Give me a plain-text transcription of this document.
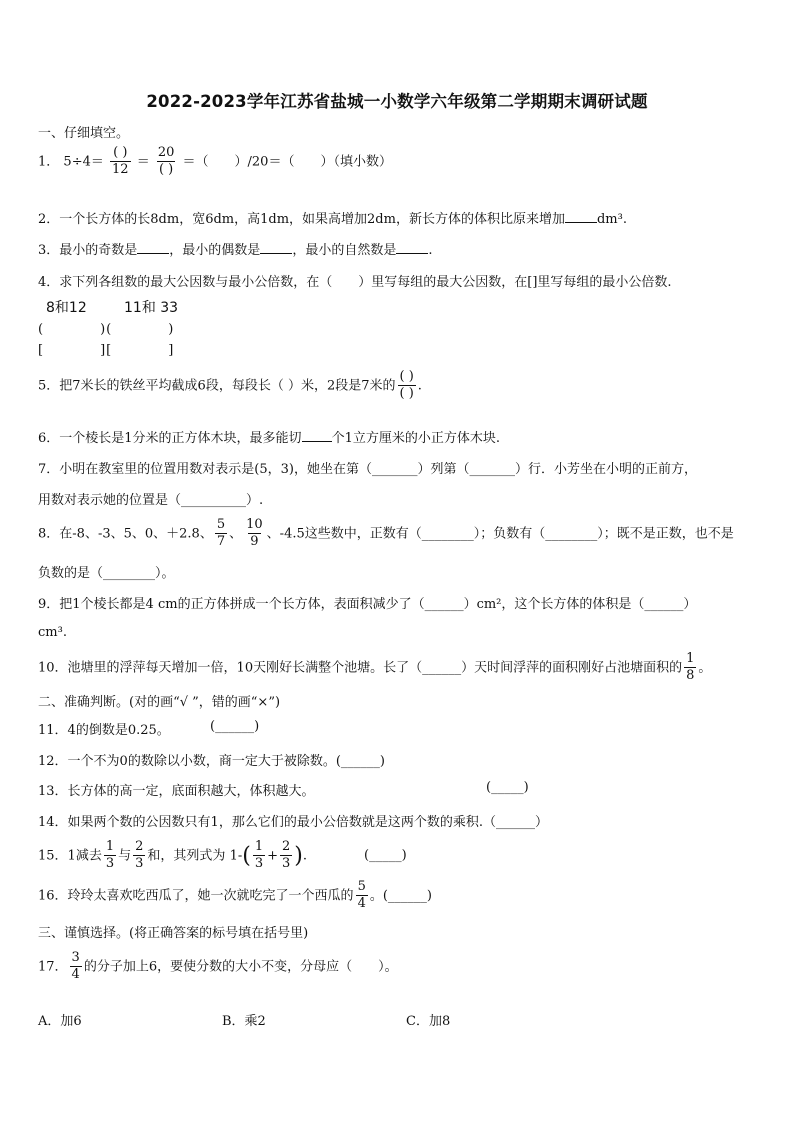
2022-2023学年江苏省盐城一小数学六年级第二学期期末调研试题
一、仔细填空。
1． $5\div 4= \frac{( )}{12} = \frac{20}{( )}$ ＝（　　）/20＝（　　）（填小数）
2．一个长方体的长8dm，宽6dm，高1dm，如果高增加2dm，新长方体的体积比原来增加 dm³.
3．最小的奇数是 ，最小的偶数是 ，最小的自然数是 .
4．求下列各组数的最大公因数与最小公倍数，在（　　）里写每组的最大公因数，在[]里写每组的最小公倍数.
8和12	11和 33
(　　　　)(　　　　)
[　　　　][　　　　]
5．把7米长的铁丝平均截成6段，每段长（ ）米，2段是7米的 $\frac{( )}{( )}$ .
6．一个棱长是1分米的正方体木块，最多能切 个1立方厘米的小正方体木块.
7．小明在教室里的位置用数对表示是(5，3)，她坐在第（_______）列第（_______）行．小芳坐在小明的正前方，
用数对表示她的位置是（__________）.
8．在-8、-3、5、0、＋2.8、 $\frac{5}{7}$ 、 $\frac{10}{9}$ 、-4.5这些数中，正数有（________）；负数有（________）；既不是正数，也不是
负数的是（________）。
9．把1个棱长都是4 cm的正方体拼成一个长方体，表面积减少了（______）cm²，这个长方体的体积是（______）
cm³.
10．池塘里的浮萍每天增加一倍，10天刚好长满整个池塘。长了（______）天时间浮萍的面积刚好占池塘面积的 $\frac{1}{8}$ 。
二、准确判断。(对的画“√ ”，错的画“×”)
11．4的倒数是0.25。	(______)
12．一个不为0的数除以小数，商一定大于被除数。(______)
13．长方体的高一定，底面积越大，体积越大。	(_____)
14．如果两个数的公因数只有1，那么它们的最小公倍数就是这两个数的乘积.（______）
15．1减去 $\frac{1}{3}$ 与 $\frac{2}{3}$ 和，其列式为 $1-( \frac{1}{3} + \frac{2}{3}$ ).	(_____)
16．玲玲太喜欢吃西瓜了，她一次就吃完了一个西瓜的 $\frac{5}{4}$ 。(______)
三、谨慎选择。(将正确答案的标号填在括号里)
17． $\frac{3}{4}$ 的分子加上6，要使分数的大小不变，分母应（　　）。
A．加6	B．乘2	C．加8
